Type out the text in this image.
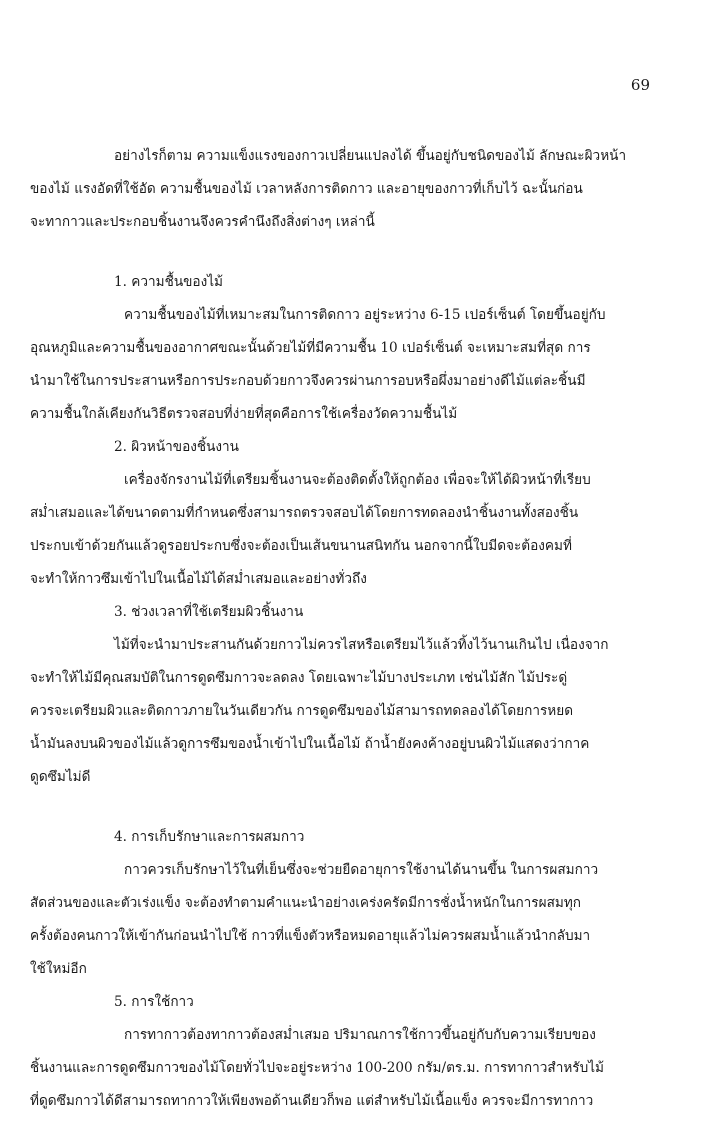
69
อย่างไรก็ตาม ความแข็งแรงของกาวเปลี่ยนแปลงได้ ขึ้นอยู่กับชนิดของไม้ ลักษณะผิวหน้า
ของไม้ แรงอัดที่ใช้อัด ความชื้นของไม้ เวลาหลังการติดกาว และอายุของกาวที่เก็บไว้ ฉะนั้นก่อน
จะทากาวและประกอบชิ้นงานจึงควรคำนึงถึงสิ่งต่างๆ เหล่านี้
1. ความชื้นของไม้
ความชื้นของไม้ที่เหมาะสมในการติดกาว อยู่ระหว่าง 6-15 เปอร์เซ็นต์ โดยขึ้นอยู่กับ
อุณหภูมิและความชื้นของอากาศขณะนั้นด้วยไม้ที่มีความชื้น 10 เปอร์เซ็นต์ จะเหมาะสมที่สุด การ
นำมาใช้ในการประสานหรือการประกอบด้วยกาวจึงควรผ่านการอบหรือผึ่งมาอย่างดีไม้แต่ละชิ้นมี
ความชื้นใกล้เคียงกันวิธีตรวจสอบที่ง่ายที่สุดคือการใช้เครื่องวัดความชื้นไม้
2. ผิวหน้าของชิ้นงาน
เครื่องจักรงานไม้ที่เตรียมชิ้นงานจะต้องติดตั้งให้ถูกต้อง เพื่อจะให้ได้ผิวหน้าที่เรียบ
สม่ำเสมอและได้ขนาดตามที่กำหนดซึ่งสามารถตรวจสอบได้โดยการทดลองนำชิ้นงานทั้งสองชิ้น
ประกบเข้าด้วยกันแล้วดูรอยประกบซึ่งจะต้องเป็นเส้นขนานสนิทกัน นอกจากนี้ใบมีดจะต้องคมที่
จะทำให้กาวซึมเข้าไปในเนื้อไม้ได้สม่ำเสมอและอย่างทั่วถึง
3. ช่วงเวลาที่ใช้เตรียมผิวชิ้นงาน
ไม้ที่จะนำมาประสานกันด้วยกาวไม่ควรไสหรือเตรียมไว้แล้วทิ้งไว้นานเกินไป เนื่องจาก
จะทำให้ไม้มีคุณสมบัติในการดูดซึมกาวจะลดลง โดยเฉพาะไม้บางประเภท เช่นไม้สัก ไม้ประดู่
ควรจะเตรียมผิวและติดกาวภายในวันเดียวกัน การดูดซึมของไม้สามารถทดลองได้โดยการหยด
น้ำมันลงบนผิวของไม้แล้วดูการซึมของน้ำเข้าไปในเนื้อไม้ ถ้าน้ำยังคงค้างอยู่บนผิวไม้แสดงว่ากาค
ดูดซึมไม่ดี
4. การเก็บรักษาและการผสมกาว
กาวควรเก็บรักษาไว้ในที่เย็นซึ่งจะช่วยยืดอายุการใช้งานได้นานขึ้น ในการผสมกาว
สัดส่วนของและตัวเร่งแข็ง จะต้องทำตามคำแนะนำอย่างเคร่งครัดมีการชั่งน้ำหนักในการผสมทุก
ครั้งต้องคนกาวให้เข้ากันก่อนนำไปใช้ กาวที่แข็งตัวหรือหมดอายุแล้วไม่ควรผสมน้ำแล้วนำกลับมา
ใช้ใหม่อีก
5. การใช้กาว
การทากาวต้องทากาวต้องสม่ำเสมอ ปริมาณการใช้กาวขึ้นอยู่กับกับความเรียบของ
ชิ้นงานและการดูดซึมกาวของไม้โดยทั่วไปจะอยู่ระหว่าง 100-200 กรัม/ตร.ม. การทากาวสำหรับไม้
ที่ดูดซึมกาวได้ดีสามารถทากาวให้เพียงพอด้านเดียวก็พอ แต่สำหรับไม้เนื้อแข็ง ควรจะมีการทากาว
